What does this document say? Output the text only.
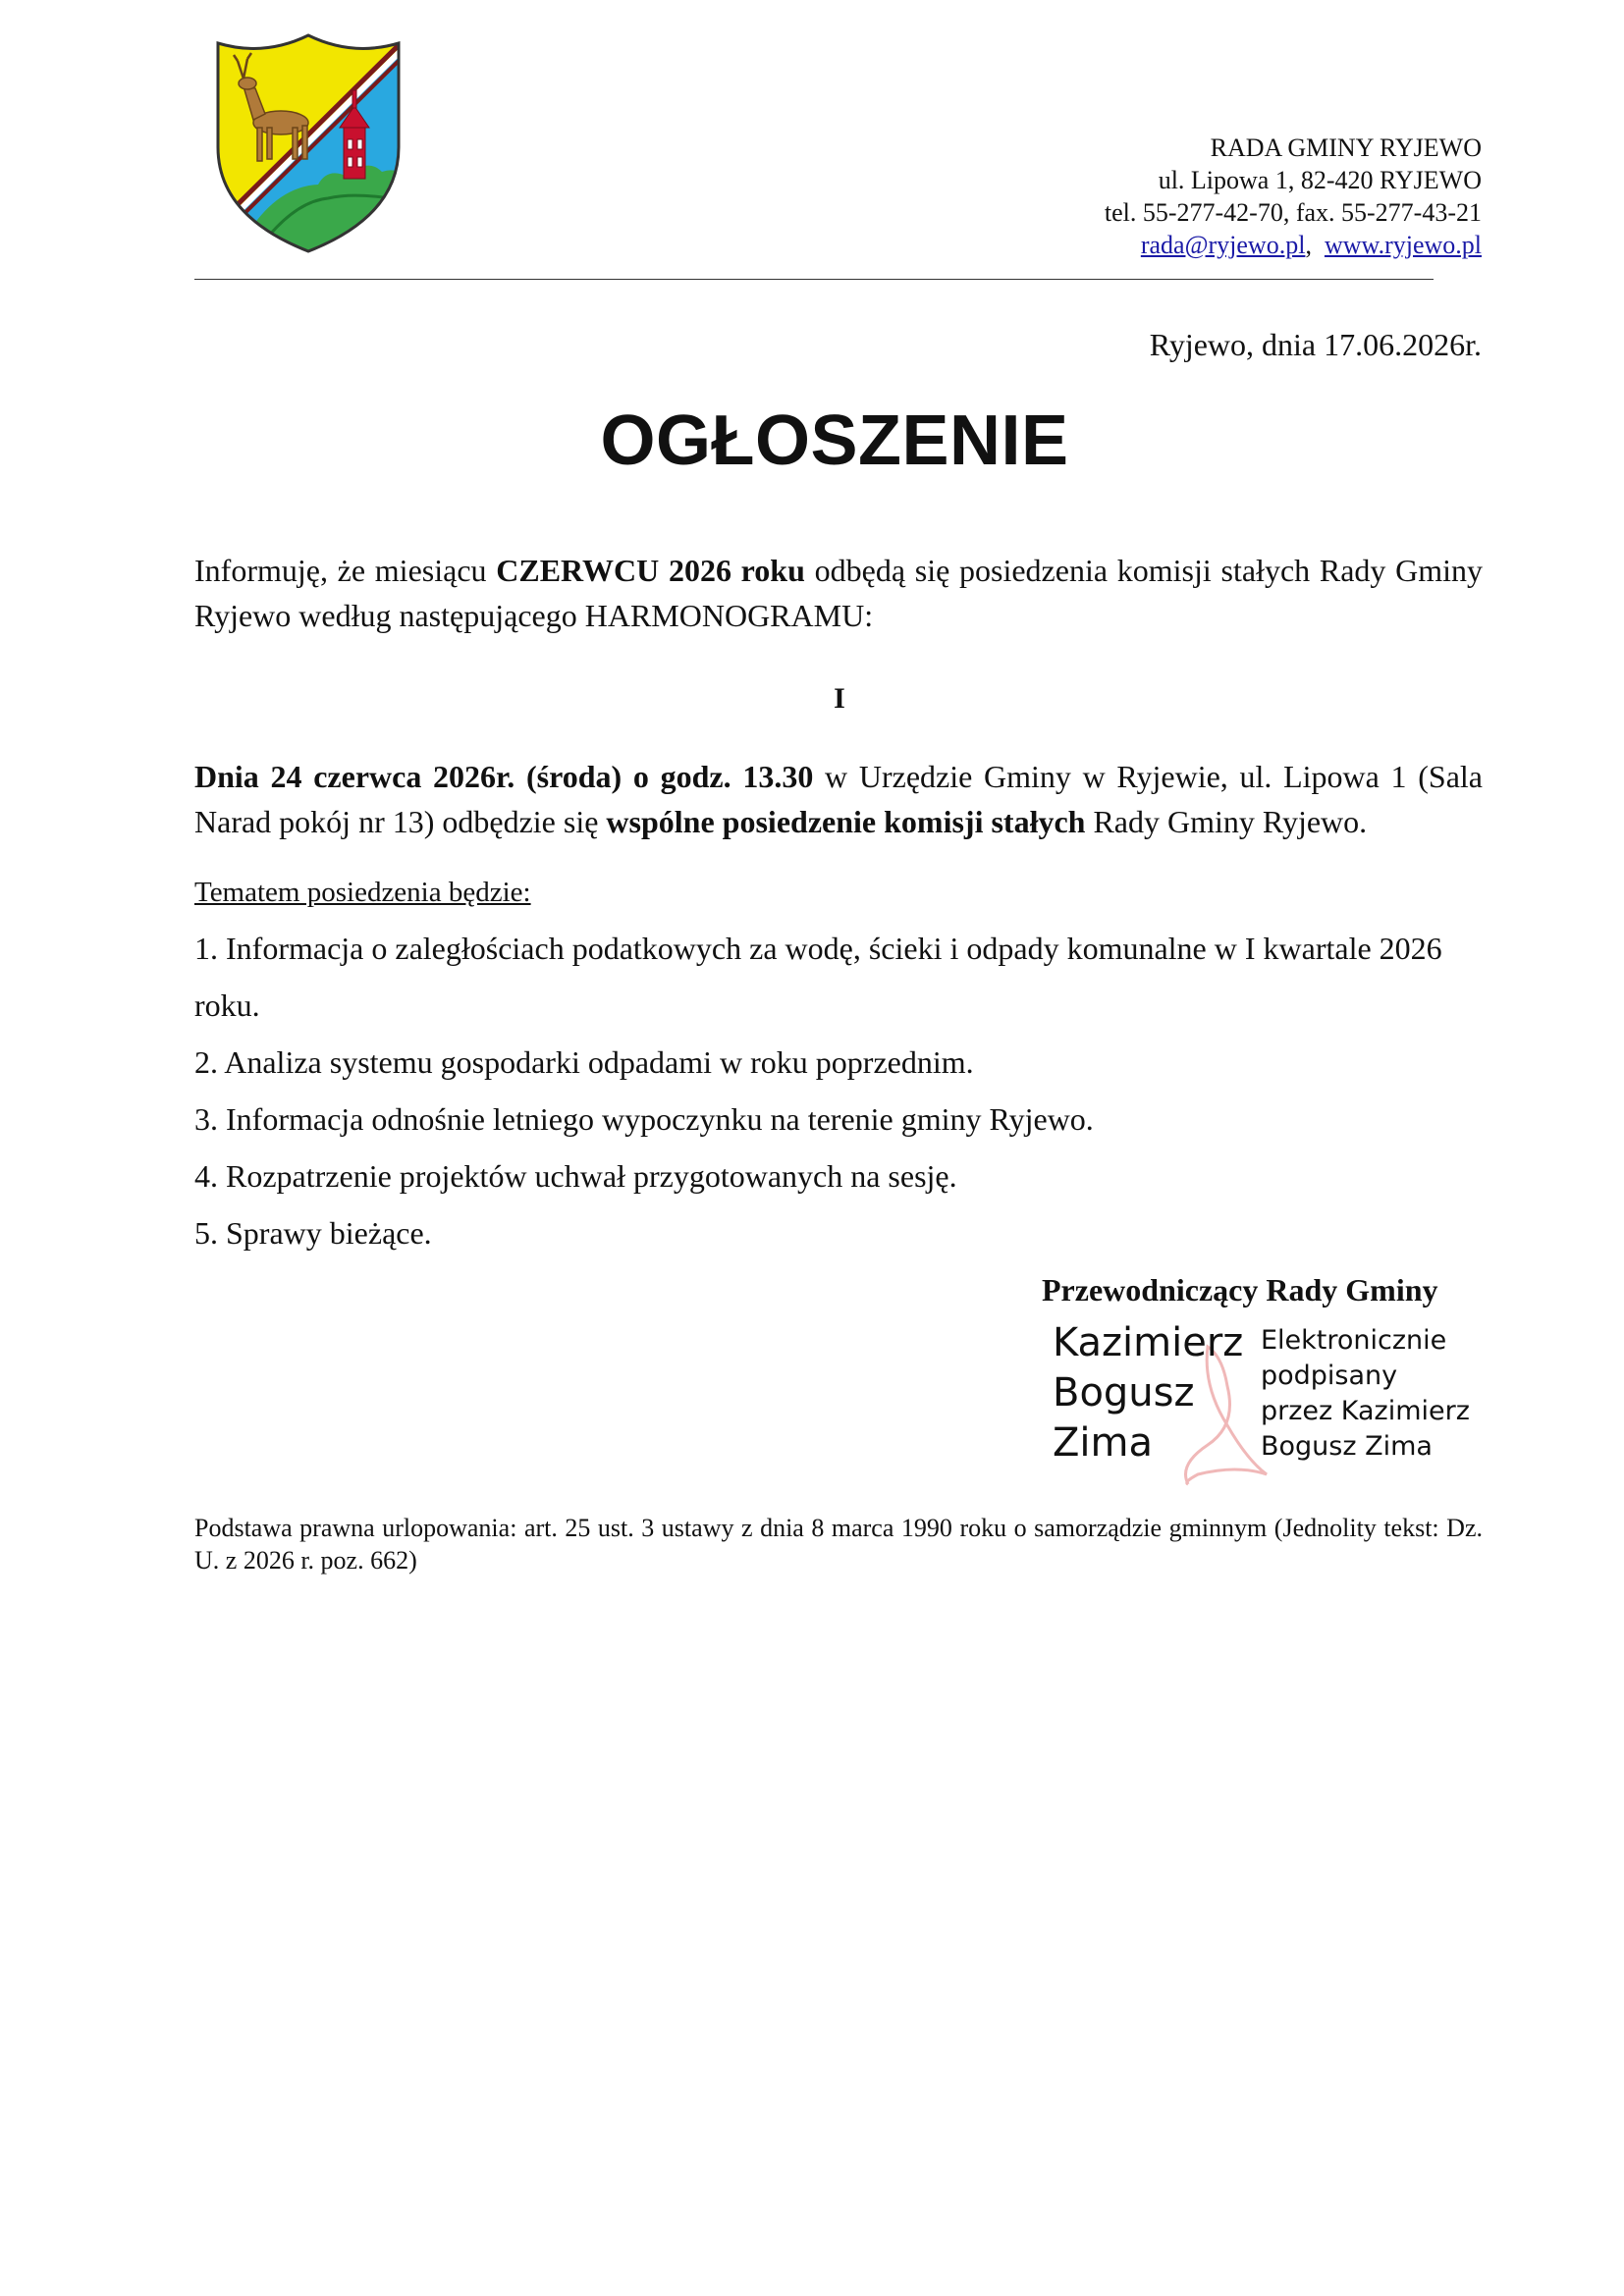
RADA GMINY RYJEWO
ul. Lipowa 1, 82-420 RYJEWO
tel. 55-277-42-70, fax. 55-277-43-21
rada@ryjewo.pl, www.ryjewo.pl
Ryjewo, dnia 17.06.2026r.
OGŁOSZENIE
Informuję, że miesiącu CZERWCU 2026 roku odbędą się posiedzenia komisji stałych Rady Gminy Ryjewo według następującego HARMONOGRAMU:
I
Dnia 24 czerwca 2026r. (środa) o godz. 13.30 w Urzędzie Gminy w Ryjewie, ul. Lipowa 1 (Sala Narad pokój nr 13) odbędzie się wspólne posiedzenie komisji stałych Rady Gminy Ryjewo.
Tematem posiedzenia będzie:
1. Informacja o zaległościach podatkowych za wodę, ścieki i odpady komunalne w I kwartale 2026
roku.
2. Analiza systemu gospodarki odpadami w roku poprzednim.
3. Informacja odnośnie letniego wypoczynku na terenie gminy Ryjewo.
4. Rozpatrzenie projektów uchwał przygotowanych na sesję.
5. Sprawy bieżące.
Przewodniczący Rady Gminy
Kazimierz
Bogusz
Zima
Elektronicznie
podpisany
przez Kazimierz
Bogusz Zima
Podstawa prawna urlopowania: art. 25 ust. 3 ustawy z dnia 8 marca 1990 roku o samorządzie gminnym (Jednolity tekst: Dz. U. z 2026 r. poz. 662)
